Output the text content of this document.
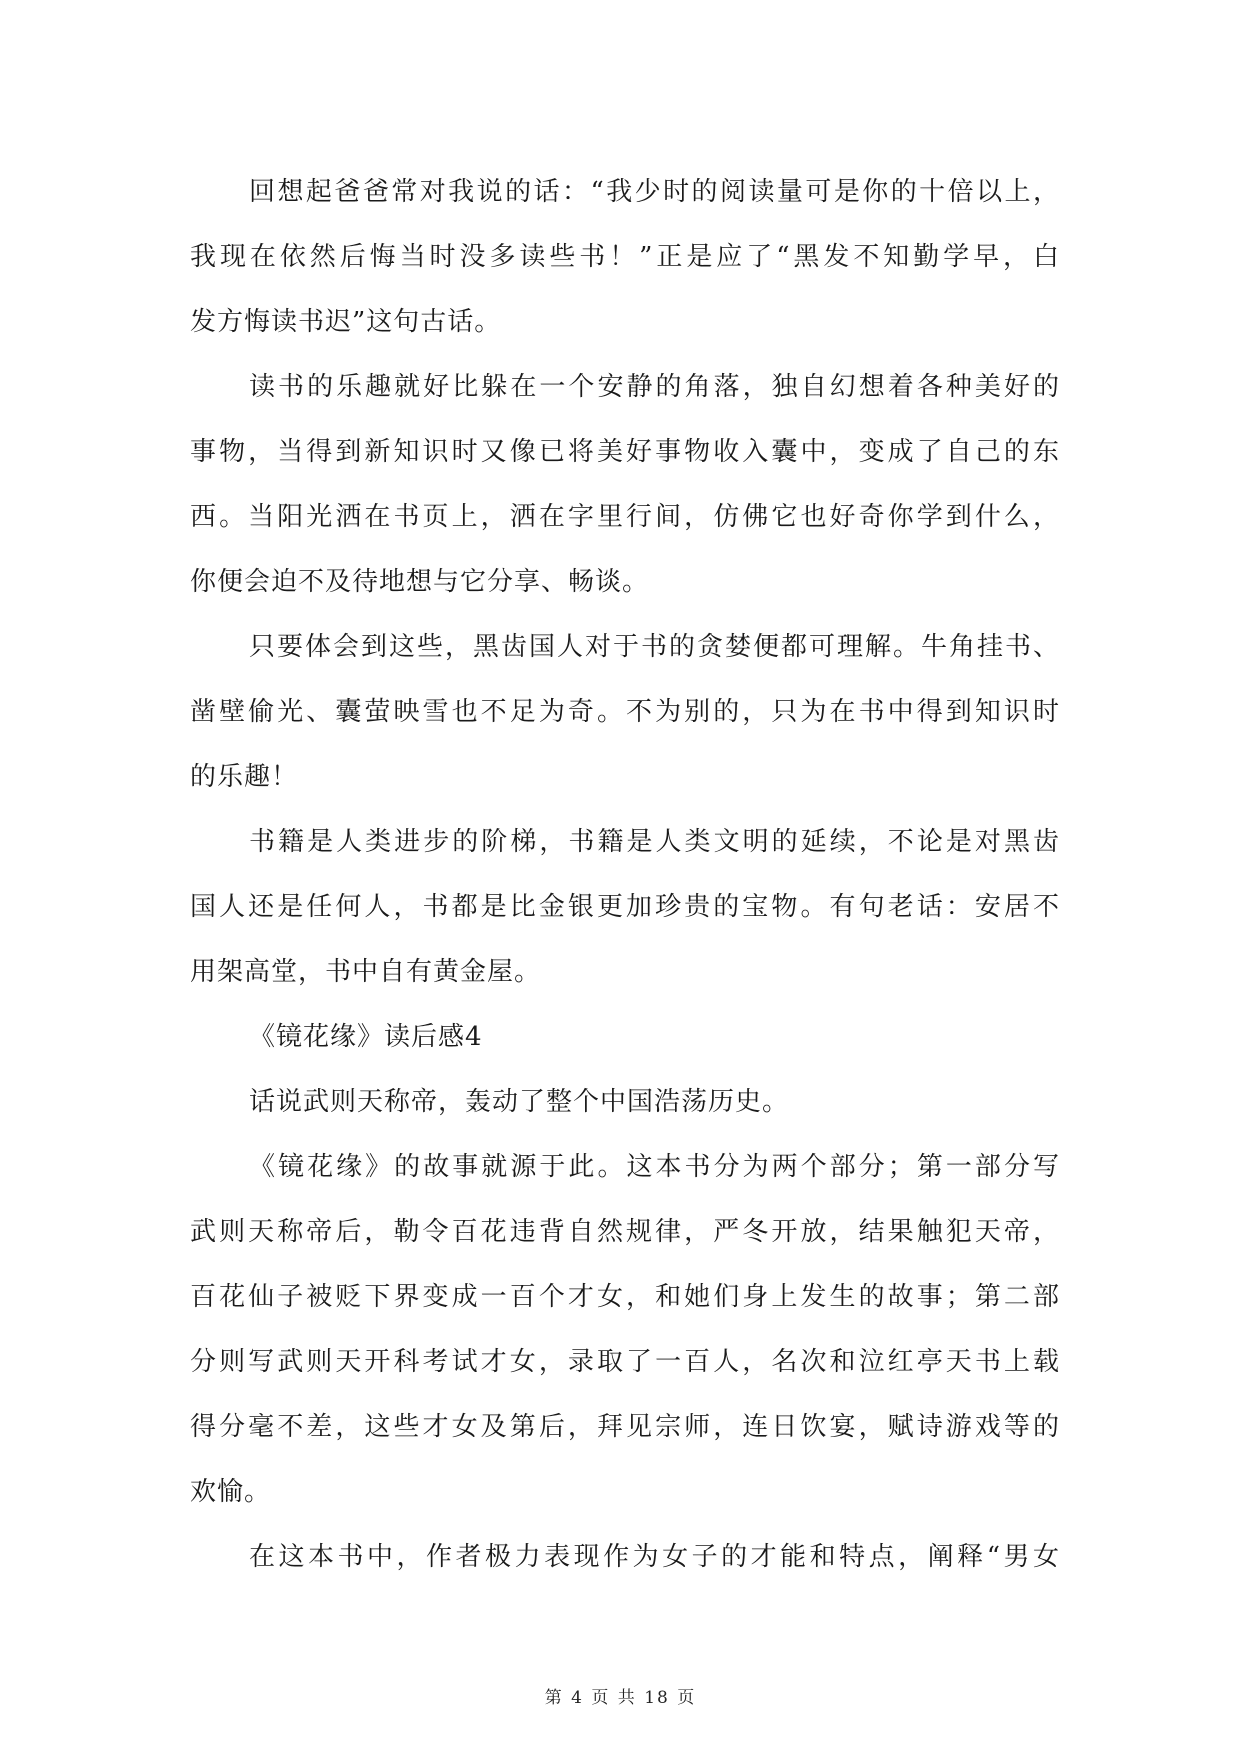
回想起爸爸常对我说的话：“我少时的阅读量可是你的十倍以上，
我现在依然后悔当时没多读些书！”正是应了“黑发不知勤学早，白
发方悔读书迟”这句古话。
读书的乐趣就好比躲在一个安静的角落，独自幻想着各种美好的
事物，当得到新知识时又像已将美好事物收入囊中，变成了自己的东
西。当阳光洒在书页上，洒在字里行间，仿佛它也好奇你学到什么，
你便会迫不及待地想与它分享、畅谈。
只要体会到这些，黑齿国人对于书的贪婪便都可理解。牛角挂书、
凿壁偷光、囊萤映雪也不足为奇。不为别的，只为在书中得到知识时
的乐趣！
书籍是人类进步的阶梯，书籍是人类文明的延续，不论是对黑齿
国人还是任何人，书都是比金银更加珍贵的宝物。有句老话：安居不
用架高堂，书中自有黄金屋。
《镜花缘》读后感4
话说武则天称帝，轰动了整个中国浩荡历史。
《镜花缘》的故事就源于此。这本书分为两个部分；第一部分写
武则天称帝后，勒令百花违背自然规律，严冬开放，结果触犯天帝，
百花仙子被贬下界变成一百个才女，和她们身上发生的故事；第二部
分则写武则天开科考试才女，录取了一百人，名次和泣红亭天书上载
得分毫不差，这些才女及第后，拜见宗师，连日饮宴，赋诗游戏等的
欢愉。
在这本书中，作者极力表现作为女子的才能和特点，阐释“男女
第 4 页 共 18 页
